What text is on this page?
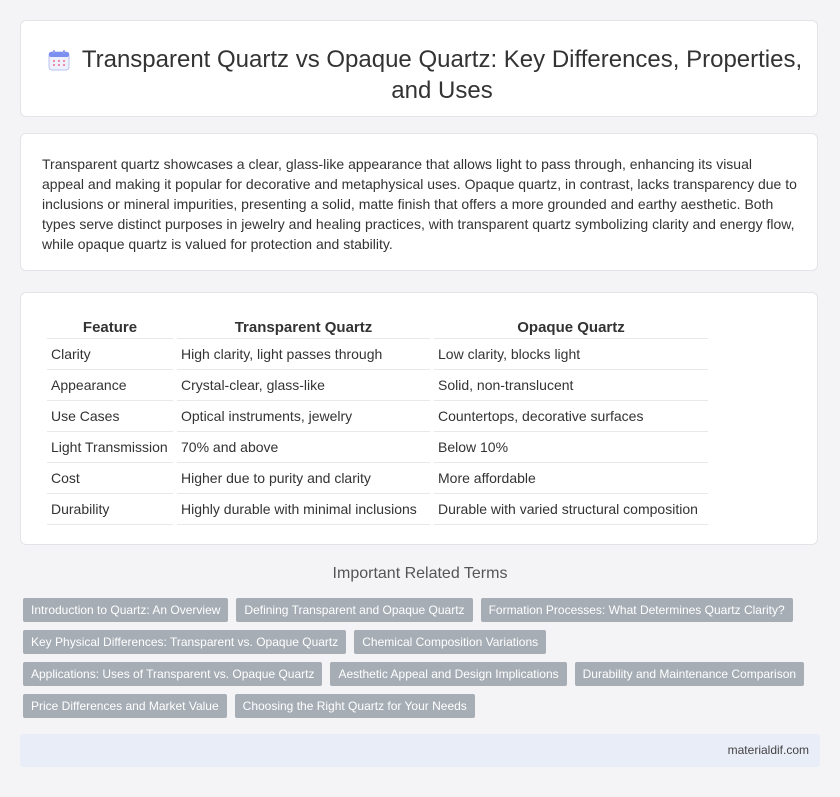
Transparent Quartz vs Opaque Quartz: Key Differences, Properties, and Uses

Transparent quartz showcases a clear, glass-like appearance that allows light to pass through, enhancing its visual appeal and making it popular for decorative and metaphysical uses. Opaque quartz, in contrast, lacks transparency due to inclusions or mineral impurities, presenting a solid, matte finish that offers a more grounded and earthy aesthetic. Both types serve distinct purposes in jewelry and healing practices, with transparent quartz symbolizing clarity and energy flow, while opaque quartz is valued for protection and stability.

Feature	Transparent Quartz	Opaque Quartz
Clarity	High clarity, light passes through	Low clarity, blocks light
Appearance	Crystal-clear, glass-like	Solid, non-translucent
Use Cases	Optical instruments, jewelry	Countertops, decorative surfaces
Light Transmission	70% and above	Below 10%
Cost	Higher due to purity and clarity	More affordable
Durability	Highly durable with minimal inclusions	Durable with varied structural composition
Important Related Terms
Introduction to Quartz: An Overview	Defining Transparent and Opaque Quartz	Formation Processes: What Determines Quartz Clarity?
Key Physical Differences: Transparent vs. Opaque Quartz	Chemical Composition Variations
Applications: Uses of Transparent vs. Opaque Quartz	Aesthetic Appeal and Design Implications	Durability and Maintenance Comparison
Price Differences and Market Value	Choosing the Right Quartz for Your Needs
materialdif.com
